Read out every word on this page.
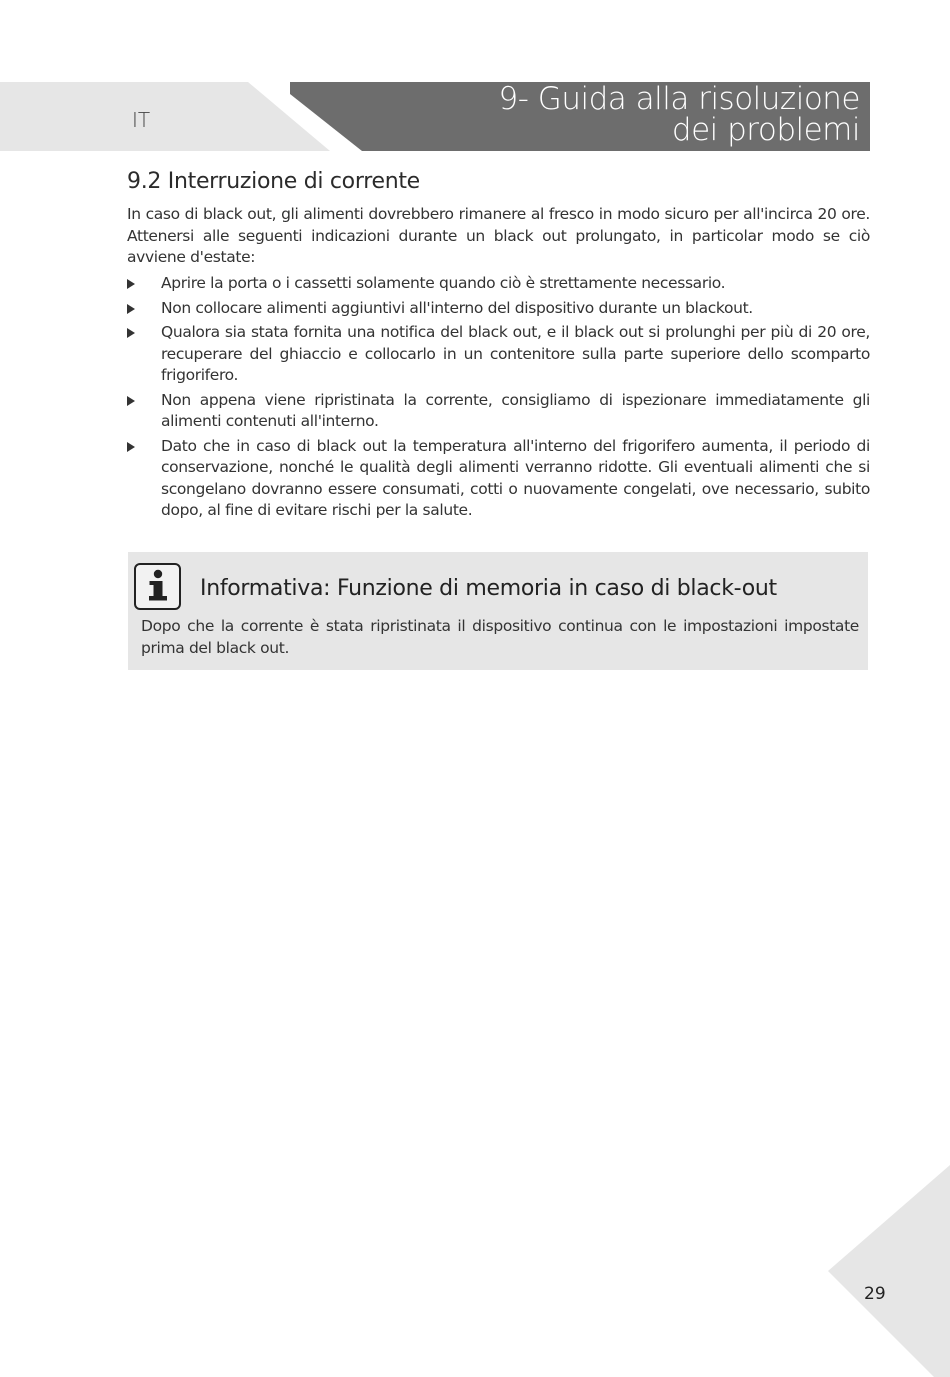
IT
9- Guida alla risoluzione
dei problemi
9.2 Interruzione di corrente
In caso di black out, gli alimenti dovrebbero rimanere al fresco in modo sicuro per all'incirca 20 ore. Attenersi alle seguenti indicazioni durante un black out prolungato, in particolar modo se ciò avviene d'estate:
Aprire la porta o i cassetti solamente quando ciò è strettamente necessario.
Non collocare alimenti aggiuntivi all'interno del dispositivo durante un blackout.
Qualora sia stata fornita una notifica del black out, e il black out si prolunghi per più di 20 ore, recuperare del ghiaccio e collocarlo in un contenitore sulla parte superiore dello scomparto frigorifero.
Non appena viene ripristinata la corrente, consigliamo di ispezionare immediatamente gli alimenti contenuti all'interno.
Dato che in caso di black out la temperatura all'interno del frigorifero aumenta, il periodo di conservazione, nonché le qualità degli alimenti verranno ridotte. Gli eventuali alimenti che si scongelano dovranno essere consumati, cotti o nuovamente congelati, ove necessario, subito dopo, al fine di evitare rischi per la salute.
Informativa: Funzione di memoria in caso di black-out
Dopo che la corrente è stata ripristinata il dispositivo continua con le impostazioni impostate prima del black out.
29
